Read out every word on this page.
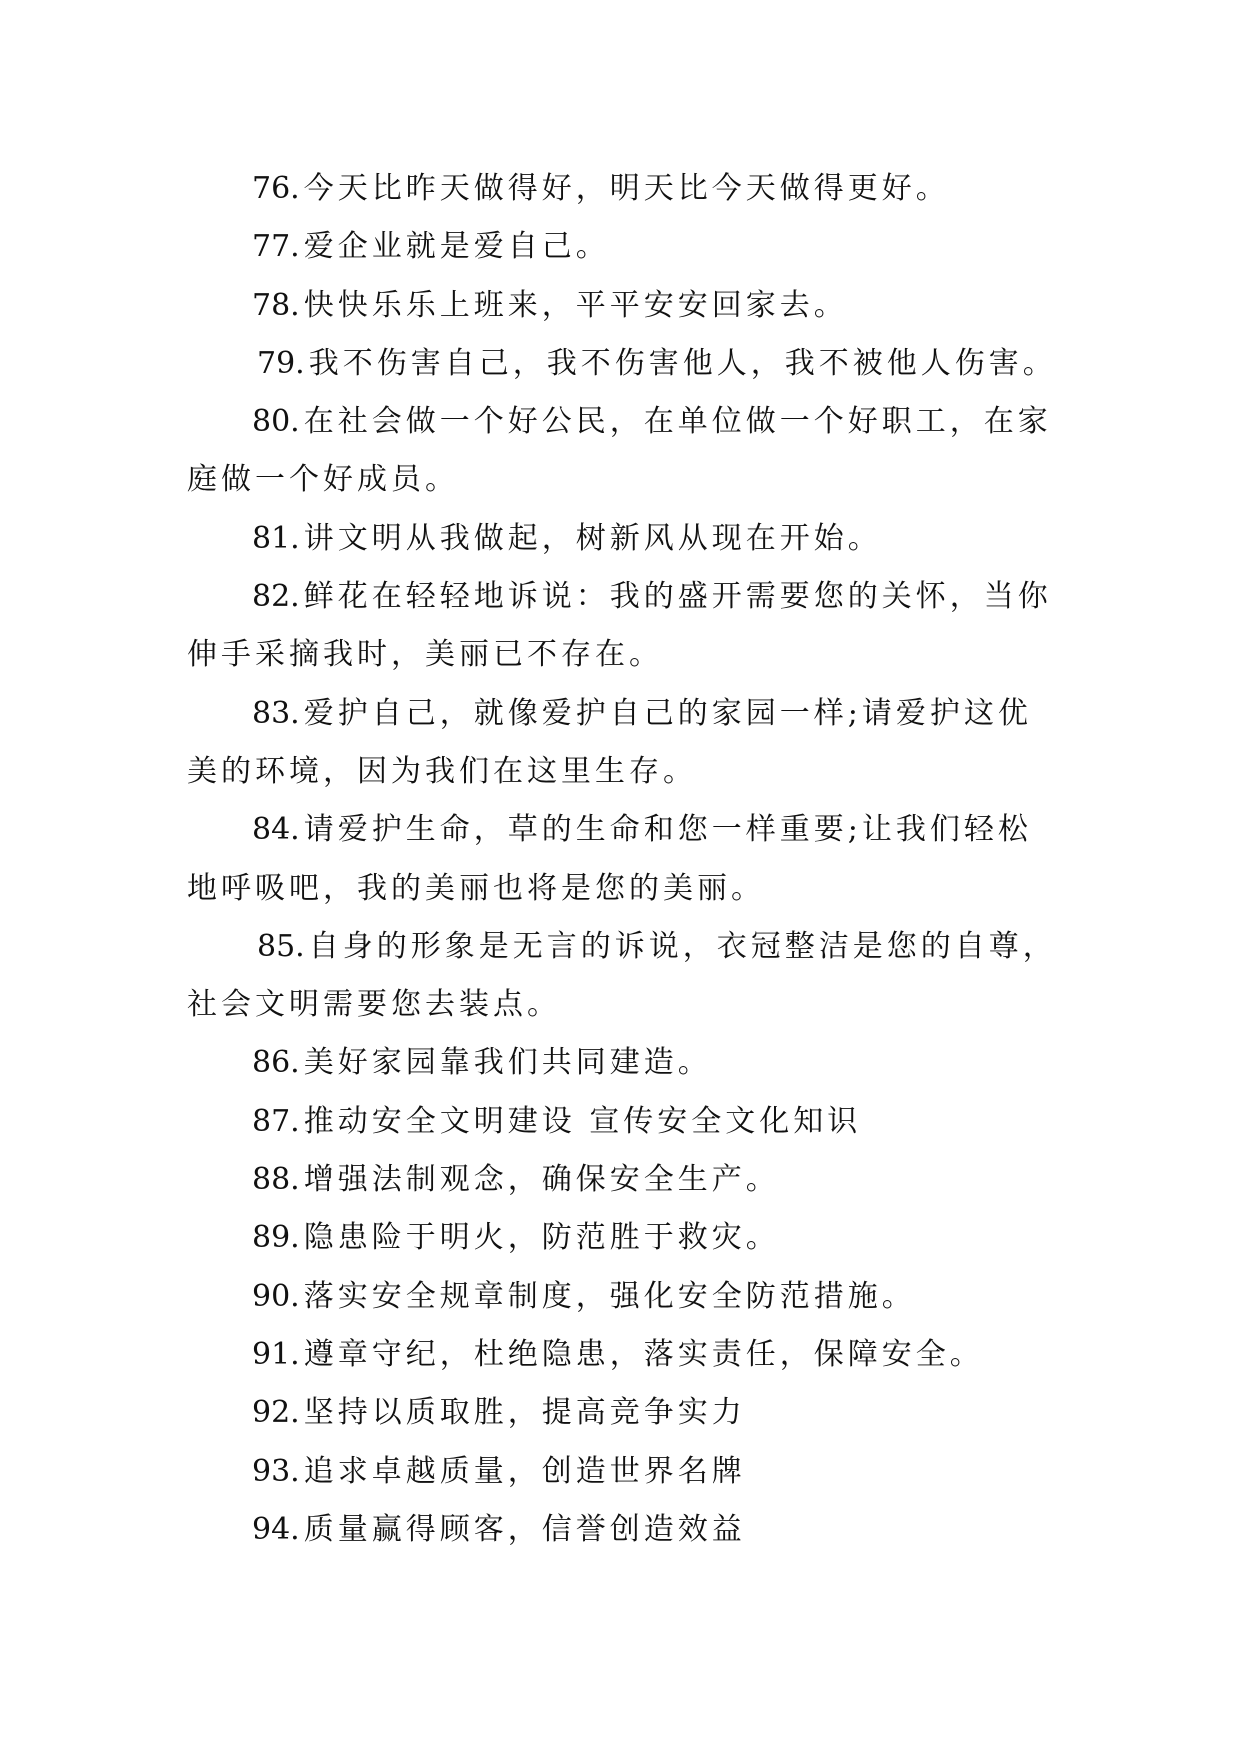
76. 今天比昨天做得好，明天比今天做得更好。
77. 爱企业就是爱自己。
78. 快快乐乐上班来，平平安安回家去。
79. 我不伤害自己，我不伤害他人，我不被他人伤害。
80. 在社会做一个好公民，在单位做一个好职工，在家
庭做一个好成员。
81. 讲文明从我做起，树新风从现在开始。
82. 鲜花在轻轻地诉说：我的盛开需要您的关怀，当你
伸手采摘我时，美丽已不存在。
83. 爱护自己，就像爱护自己的家园一样;请爱护这优
美的环境，因为我们在这里生存。
84. 请爱护生命，草的生命和您一样重要;让我们轻松
地呼吸吧，我的美丽也将是您的美丽。
85. 自身的形象是无言的诉说，衣冠整洁是您的自尊，
社会文明需要您去装点。
86. 美好家园靠我们共同建造。
87. 推动安全文明建设 宣传安全文化知识
88. 增强法制观念，确保安全生产。
89. 隐患险于明火，防范胜于救灾。
90. 落实安全规章制度，强化安全防范措施。
91. 遵章守纪，杜绝隐患，落实责任，保障安全。
92. 坚持以质取胜，提高竞争实力
93. 追求卓越质量，创造世界名牌
94. 质量赢得顾客，信誉创造效益
